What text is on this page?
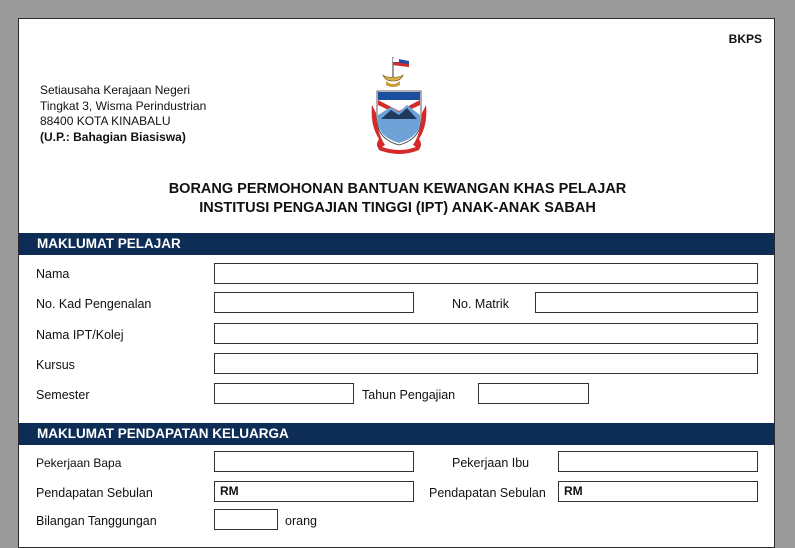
BKPS
Setiausaha Kerajaan Negeri
Tingkat 3, Wisma Perindustrian
88400 KOTA KINABALU
(U.P.: Bahagian Biasiswa)
BORANG PERMOHONAN BANTUAN KEWANGAN KHAS PELAJAR
INSTITUSI PENGAJIAN TINGGI (IPT) ANAK-ANAK SABAH
MAKLUMAT PELAJAR
Nama
No. Kad Pengenalan	No. Matrik
Nama IPT/Kolej
Kursus
Semester	Tahun Pengajian
MAKLUMAT PENDAPATAN KELUARGA
Pekerjaan Bapa	Pekerjaan Ibu
Pendapatan Sebulan	RM	Pendapatan Sebulan	RM
Bilangan Tanggungan	orang
